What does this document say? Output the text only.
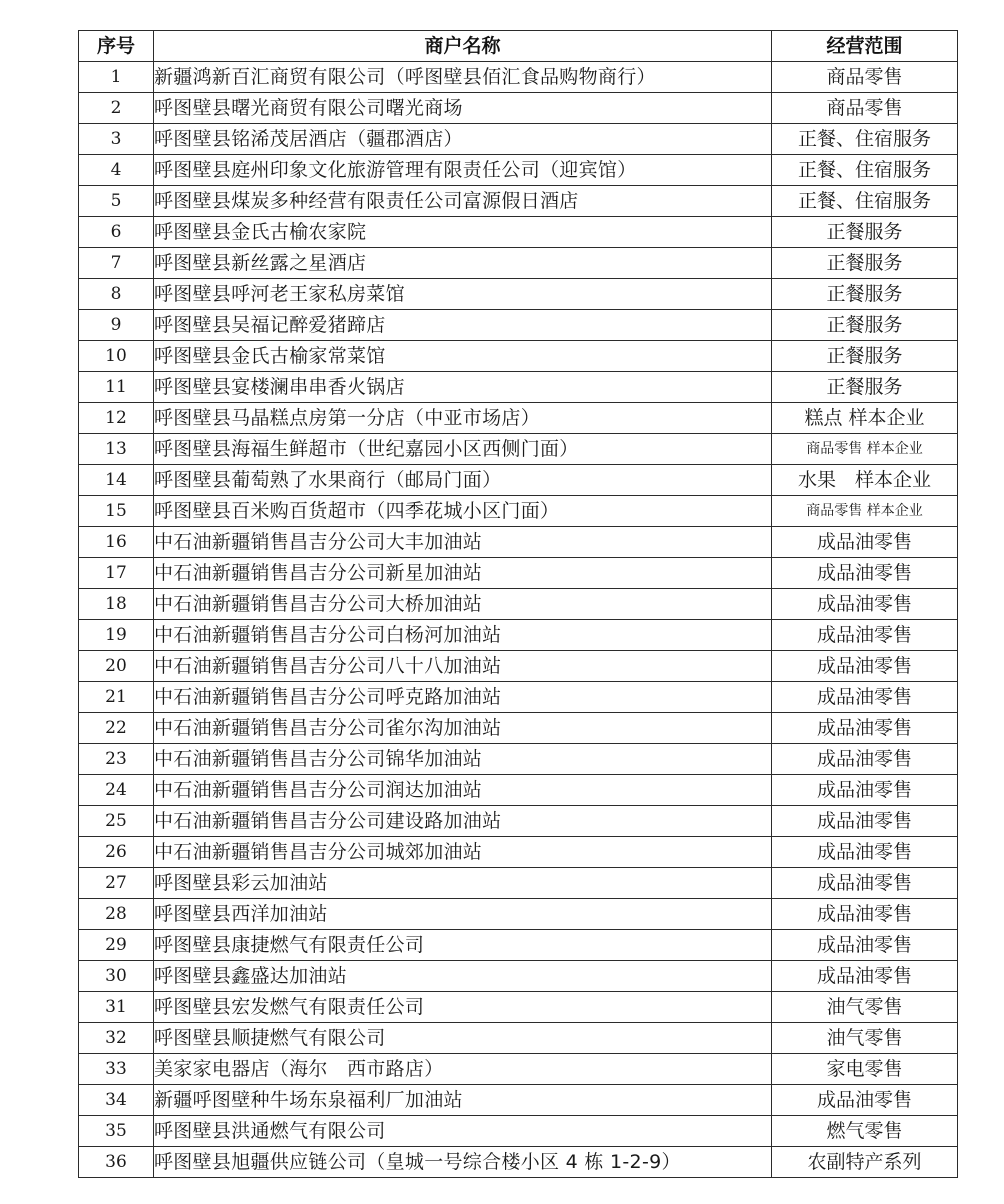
序号	商户名称	经营范围
1	新疆鸿新百汇商贸有限公司（呼图壁县佰汇食品购物商行）	商品零售
2	呼图壁县曙光商贸有限公司曙光商场	商品零售
3	呼图壁县铭浠茂居酒店（疆郡酒店）	正餐、住宿服务
4	呼图壁县庭州印象文化旅游管理有限责任公司（迎宾馆）	正餐、住宿服务
5	呼图壁县煤炭多种经营有限责任公司富源假日酒店	正餐、住宿服务
6	呼图壁县金氏古榆农家院	正餐服务
7	呼图壁县新丝露之星酒店	正餐服务
8	呼图壁县呼河老王家私房菜馆	正餐服务
9	呼图壁县吴福记醉爱猪蹄店	正餐服务
10	呼图壁县金氏古榆家常菜馆	正餐服务
11	呼图壁县宴楼澜串串香火锅店	正餐服务
12	呼图壁县马晶糕点房第一分店（中亚市场店）	糕点 样本企业
13	呼图壁县海福生鲜超市（世纪嘉园小区西侧门面）	商品零售 样本企业
14	呼图壁县葡萄熟了水果商行（邮局门面）	水果　样本企业
15	呼图壁县百米购百货超市（四季花城小区门面）	商品零售 样本企业
16	中石油新疆销售昌吉分公司大丰加油站	成品油零售
17	中石油新疆销售昌吉分公司新星加油站	成品油零售
18	中石油新疆销售昌吉分公司大桥加油站	成品油零售
19	中石油新疆销售昌吉分公司白杨河加油站	成品油零售
20	中石油新疆销售昌吉分公司八十八加油站	成品油零售
21	中石油新疆销售昌吉分公司呼克路加油站	成品油零售
22	中石油新疆销售昌吉分公司雀尔沟加油站	成品油零售
23	中石油新疆销售昌吉分公司锦华加油站	成品油零售
24	中石油新疆销售昌吉分公司润达加油站	成品油零售
25	中石油新疆销售昌吉分公司建设路加油站	成品油零售
26	中石油新疆销售昌吉分公司城郊加油站	成品油零售
27	呼图壁县彩云加油站	成品油零售
28	呼图壁县西洋加油站	成品油零售
29	呼图壁县康捷燃气有限责任公司	成品油零售
30	呼图壁县鑫盛达加油站	成品油零售
31	呼图壁县宏发燃气有限责任公司	油气零售
32	呼图壁县顺捷燃气有限公司	油气零售
33	美家家电器店（海尔　西市路店）	家电零售
34	新疆呼图壁种牛场东泉福利厂加油站	成品油零售
35	呼图壁县洪通燃气有限公司	燃气零售
36	呼图壁县旭疆供应链公司（皇城一号综合楼小区 4 栋 1-2-9）	农副特产系列
